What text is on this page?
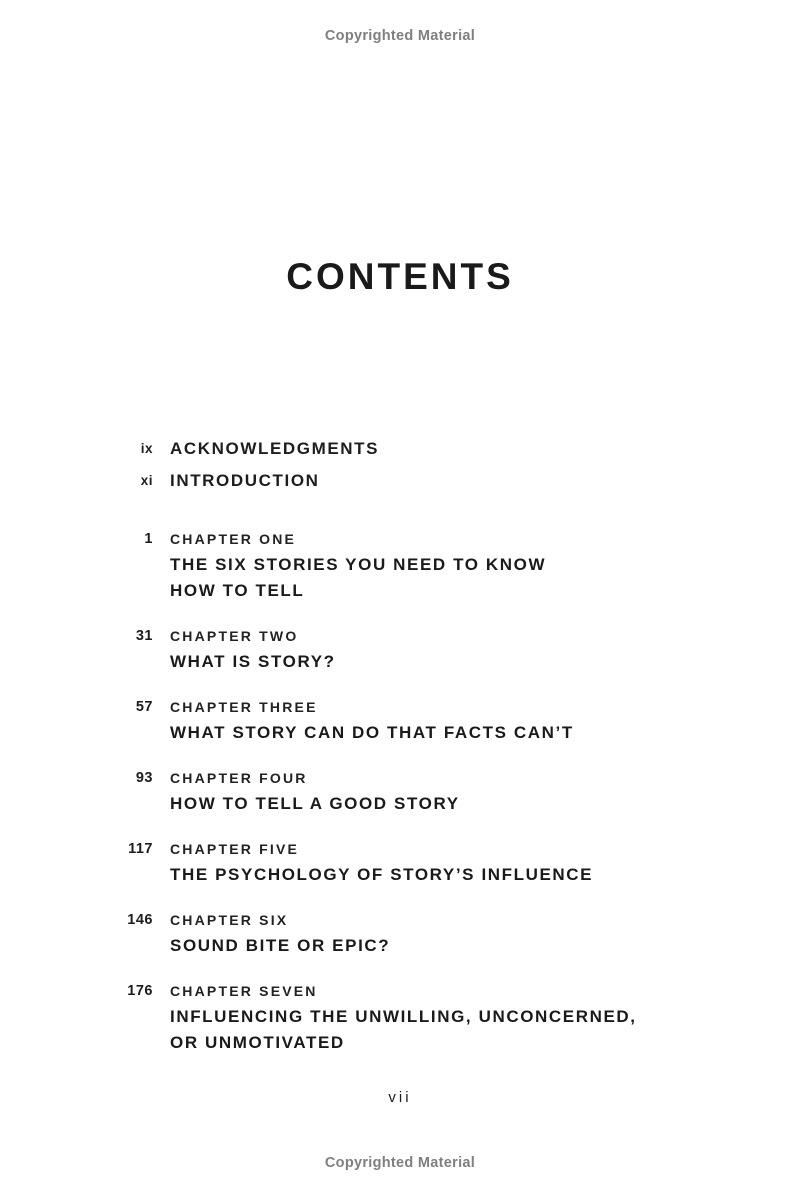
Copyrighted Material
CONTENTS
ix ACKNOWLEDGMENTS
xi INTRODUCTION
1 CHAPTER ONE
THE SIX STORIES YOU NEED TO KNOW
HOW TO TELL
31 CHAPTER TWO
WHAT IS STORY?
57 CHAPTER THREE
WHAT STORY CAN DO THAT FACTS CAN’T
93 CHAPTER FOUR
HOW TO TELL A GOOD STORY
117 CHAPTER FIVE
THE PSYCHOLOGY OF STORY’S INFLUENCE
146 CHAPTER SIX
SOUND BITE OR EPIC?
176 CHAPTER SEVEN
INFLUENCING THE UNWILLING, UNCONCERNED,
OR UNMOTIVATED
vii
Copyrighted Material
